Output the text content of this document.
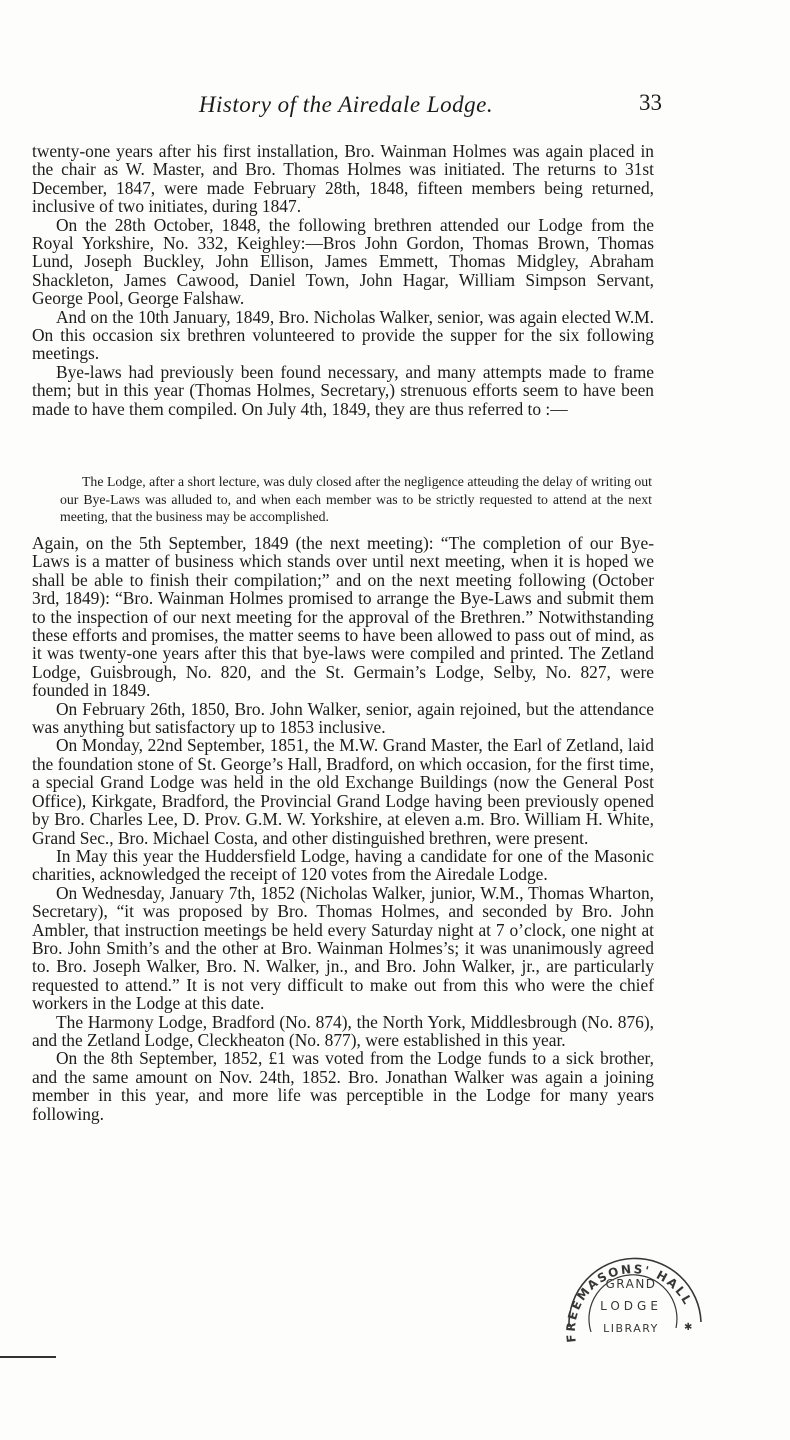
History of the Airedale Lodge.	33

twenty-one years after his first installation, Bro. Wainman Holmes was again placed in the chair as W. Master, and Bro. Thomas Holmes was initiated. The returns to 31st December, 1847, were made February 28th, 1848, fifteen members being returned, inclusive of two initiates, during 1847.

On the 28th October, 1848, the following brethren attended our Lodge from the Royal Yorkshire, No. 332, Keighley:—Bros John Gordon, Thomas Brown, Thomas Lund, Joseph Buckley, John Ellison, James Emmett, Thomas Midgley, Abraham Shackleton, James Cawood, Daniel Town, John Hagar, William Simpson Servant, George Pool, George Falshaw.

And on the 10th January, 1849, Bro. Nicholas Walker, senior, was again elected W.M. On this occasion six brethren volunteered to provide the supper for the six following meetings.

Bye-laws had previously been found necessary, and many attempts made to frame them; but in this year (Thomas Holmes, Secretary,) strenuous efforts seem to have been made to have them compiled. On July 4th, 1849, they are thus referred to :—

The Lodge, after a short lecture, was duly closed after the negligence atteuding the delay of writing out our Bye-Laws was alluded to, and when each member was to be strictly requested to attend at the next meeting, that the business may be accomplished.

Again, on the 5th September, 1849 (the next meeting): “The completion of our Bye-Laws is a matter of business which stands over until next meeting, when it is hoped we shall be able to finish their compilation;” and on the next meeting following (October 3rd, 1849): “Bro. Wainman Holmes promised to arrange the Bye-Laws and submit them to the inspection of our next meeting for the approval of the Brethren.” Notwithstanding these efforts and promises, the matter seems to have been allowed to pass out of mind, as it was twenty-one years after this that bye-laws were compiled and printed. The Zetland Lodge, Guisbrough, No. 820, and the St. Germain’s Lodge, Selby, No. 827, were founded in 1849.

On February 26th, 1850, Bro. John Walker, senior, again rejoined, but the attendance was anything but satisfactory up to 1853 inclusive.

On Monday, 22nd September, 1851, the M.W. Grand Master, the Earl of Zetland, laid the foundation stone of St. George’s Hall, Bradford, on which occasion, for the first time, a special Grand Lodge was held in the old Exchange Buildings (now the General Post Office), Kirkgate, Bradford, the Provincial Grand Lodge having been previously opened by Bro. Charles Lee, D. Prov. G.M. W. Yorkshire, at eleven a.m. Bro. William H. White, Grand Sec., Bro. Michael Costa, and other distinguished brethren, were present.

In May this year the Huddersfield Lodge, having a candidate for one of the Masonic charities, acknowledged the receipt of 120 votes from the Airedale Lodge.

On Wednesday, January 7th, 1852 (Nicholas Walker, junior, W.M., Thomas Wharton, Secretary), “it was proposed by Bro. Thomas Holmes, and seconded by Bro. John Ambler, that instruction meetings be held every Saturday night at 7 o’clock, one night at Bro. John Smith’s and the other at Bro. Wainman Holmes’s; it was unanimously agreed to. Bro. Joseph Walker, Bro. N. Walker, jn., and Bro. John Walker, jr., are particularly requested to attend.” It is not very difficult to make out from this who were the chief workers in the Lodge at this date.

The Harmony Lodge, Bradford (No. 874), the North York, Middlesbrough (No. 876), and the Zetland Lodge, Cleckheaton (No. 877), were established in this year.

On the 8th September, 1852, £1 was voted from the Lodge funds to a sick brother, and the same amount on Nov. 24th, 1852. Bro. Jonathan Walker was again a joining member in this year, and more life was perceptible in the Lodge for many years following.

FREEMASONS' HALL
GRAND
LODGE
LIBRARY	✱
